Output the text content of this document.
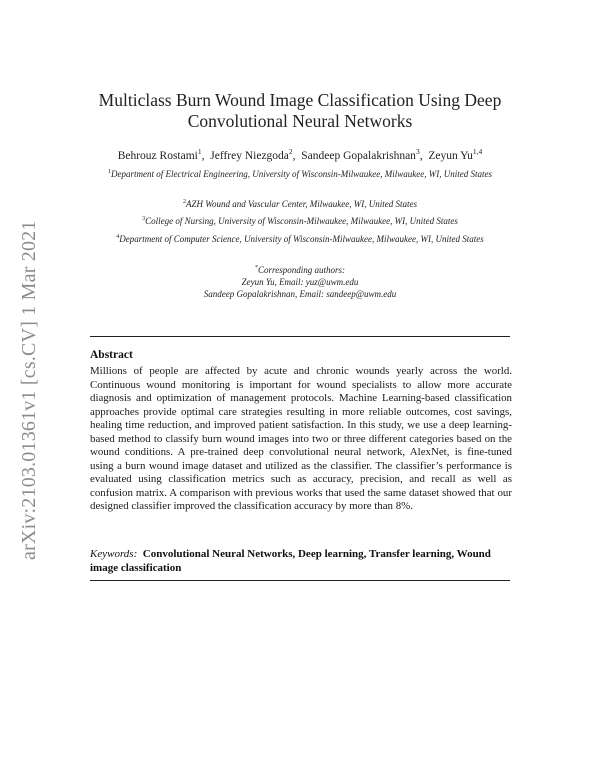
arXiv:2103.01361v1 [cs.CV] 1 Mar 2021
Multiclass Burn Wound Image Classification Using Deep Convolutional Neural Networks
Behrouz Rostami$^1$,  Jeffrey Niezgoda$^2$,  Sandeep Gopalakrishnan$^3$,  Zeyun Yu$^{1,4}$
$^1$Department of Electrical Engineering, University of Wisconsin-Milwaukee, Milwaukee, WI, United States
$^2$AZH Wound and Vascular Center, Milwaukee, WI, United States
$^3$College of Nursing, University of Wisconsin-Milwaukee, Milwaukee, WI, United States
$^4$Department of Computer Science, University of Wisconsin-Milwaukee, Milwaukee, WI, United States
*Corresponding authors:
Zeyun Yu, Email: yuz@uwm.edu
Sandeep Gopalakrishnan, Email: sandeep@uwm.edu
Abstract
Millions of people are affected by acute and chronic wounds yearly across the world. Continuous wound monitoring is important for wound specialists to allow more accurate diagnosis and optimization of management protocols. Machine Learning-based classification approaches provide optimal care strategies resulting in more reliable outcomes, cost savings, healing time reduction, and improved patient satisfaction. In this study, we use a deep learning-based method to classify burn wound images into two or three different categories based on the wound conditions. A pre-trained deep convolutional neural network, AlexNet, is fine-tuned using a burn wound image dataset and utilized as the classifier. The classifier’s performance is evaluated using classification metrics such as accuracy, precision, and recall as well as confusion matrix. A comparison with previous works that used the same dataset showed that our designed classifier improved the classification accuracy by more than 8%.
Keywords: Convolutional Neural Networks, Deep learning, Transfer learning, Wound image classification
